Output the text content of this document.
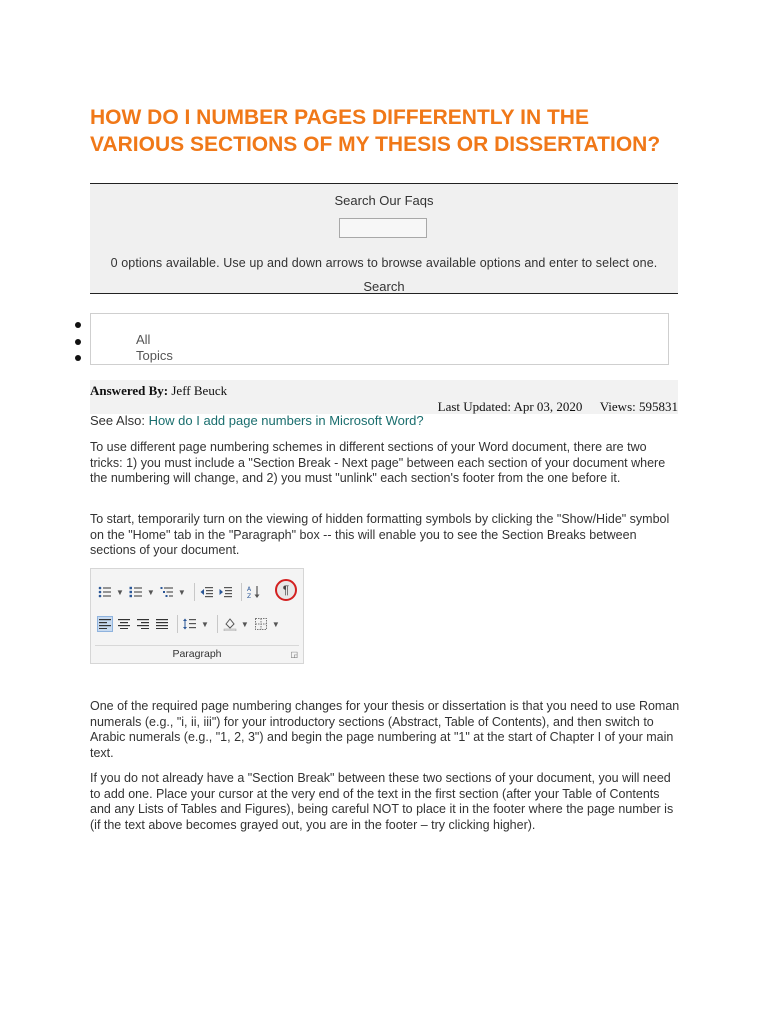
HOW DO I NUMBER PAGES DIFFERENTLY IN THE VARIOUS SECTIONS OF MY THESIS OR DISSERTATION?
Search Our Faqs
0 options available. Use up and down arrows to browse available options and enter to select one.
Search
All
Topics
Answered By: Jeff Beuck
Last Updated: Apr 03, 2020 Views: 595831
See Also: How do I add page numbers in Microsoft Word?

To use different page numbering schemes in different sections of your Word document, there are two tricks: 1) you must include a "Section Break - Next page" between each section of your document where the numbering will change, and 2) you must "unlink" each section's footer from the one before it.

To start, temporarily turn on the viewing of hidden formatting symbols by clicking the "Show/Hide" symbol on the "Home" tab in the "Paragraph" box -- this will enable you to see the Section Breaks between sections of your document.

▼	▼	▼	A
Z	¶
▼	▼	▼
Paragraph	◲

One of the required page numbering changes for your thesis or dissertation is that you need to use Roman numerals (e.g., "i, ii, iii") for your introductory sections (Abstract, Table of Contents), and then switch to Arabic numerals (e.g., "1, 2, 3") and begin the page numbering at "1" at the start of Chapter I of your main text.

If you do not already have a "Section Break" between these two sections of your document, you will need to add one. Place your cursor at the very end of the text in the first section (after your Table of Contents and any Lists of Tables and Figures), being careful NOT to place it in the footer where the page number is (if the text above becomes grayed out, you are in the footer – try clicking higher).
